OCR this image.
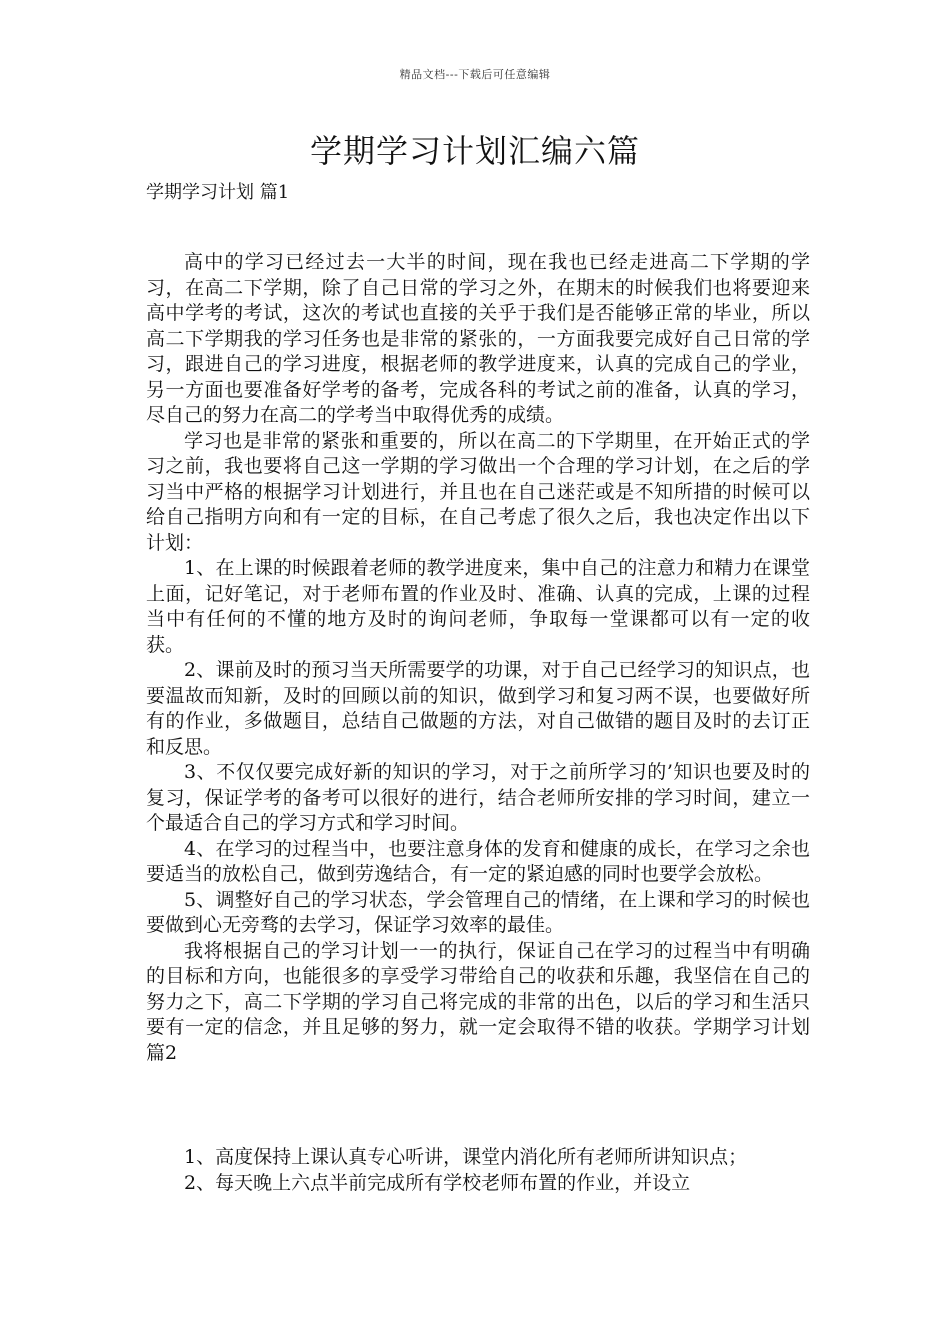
精品文档---下载后可任意编辑
学期学习计划汇编六篇
学期学习计划 篇1

高中的学习已经过去一大半的时间，现在我也已经走进高二下学期的学习，在高二下学期，除了自己日常的学习之外，在期末的时候我们也将要迎来高中学考的考试，这次的考试也直接的关乎于我们是否能够正常的毕业，所以高二下学期我的学习任务也是非常的紧张的，一方面我要完成好自己日常的学习，跟进自己的学习进度，根据老师的教学进度来，认真的完成自己的学业，另一方面也要准备好学考的备考，完成各科的考试之前的准备，认真的学习，尽自己的努力在高二的学考当中取得优秀的成绩。

学习也是非常的紧张和重要的，所以在高二的下学期里，在开始正式的学习之前，我也要将自己这一学期的学习做出一个合理的学习计划，在之后的学习当中严格的根据学习计划进行，并且也在自己迷茫或是不知所措的时候可以给自己指明方向和有一定的目标，在自己考虑了很久之后，我也决定作出以下计划：

1、在上课的时候跟着老师的教学进度来，集中自己的注意力和精力在课堂上面，记好笔记，对于老师布置的作业及时、准确、认真的完成，上课的过程当中有任何的不懂的地方及时的询问老师，争取每一堂课都可以有一定的收获。

2、课前及时的预习当天所需要学的功课，对于自己已经学习的知识点，也要温故而知新，及时的回顾以前的知识，做到学习和复习两不误，也要做好所有的作业，多做题目，总结自己做题的方法，对自己做错的题目及时的去订正和反思。

3、不仅仅要完成好新的知识的学习，对于之前所学习的’知识也要及时的复习，保证学考的备考可以很好的进行，结合老师所安排的学习时间，建立一个最适合自己的学习方式和学习时间。

4、在学习的过程当中，也要注意身体的发育和健康的成长，在学习之余也要适当的放松自己，做到劳逸结合，有一定的紧迫感的同时也要学会放松。

5、调整好自己的学习状态，学会管理自己的情绪，在上课和学习的时候也要做到心无旁骛的去学习，保证学习效率的最佳。

我将根据自己的学习计划一一的执行，保证自己在学习的过程当中有明确的目标和方向，也能很多的享受学习带给自己的收获和乐趣，我坚信在自己的努力之下，高二下学期的学习自己将完成的非常的出色，以后的学习和生活只要有一定的信念，并且足够的努力，就一定会取得不错的收获。学期学习计划 篇2

1、高度保持上课认真专心听讲，课堂内消化所有老师所讲知识点；

2、每天晚上六点半前完成所有学校老师布置的作业，并设立
